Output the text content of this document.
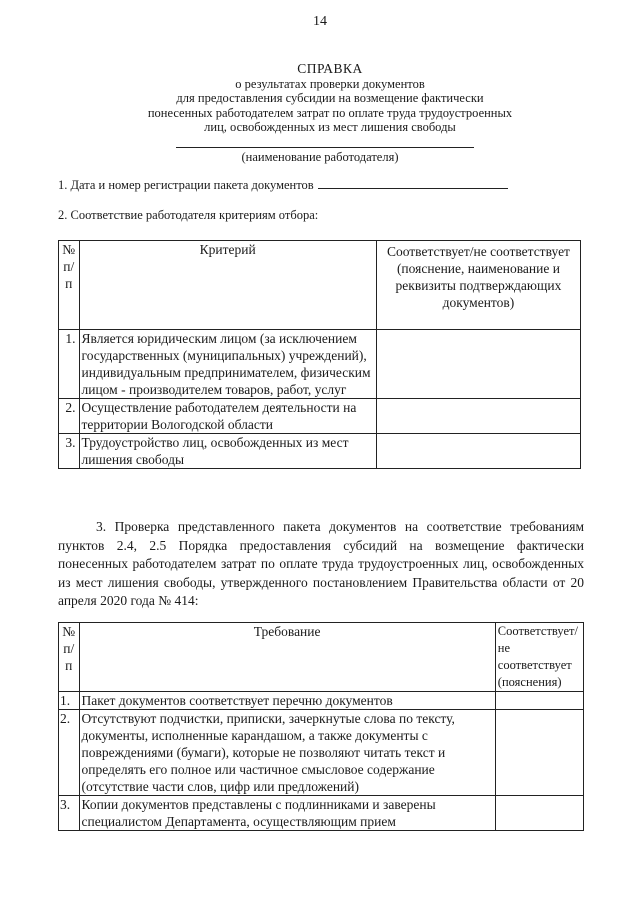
14
СПРАВКА
о результатах проверки документов
для предоставления субсидии на возмещение фактически
понесенных работодателем затрат по оплате труда трудоустроенных
лиц, освобожденных из мест лишения свободы
(наименование работодателя)
1. Дата и номер регистрации пакета документов
2. Соответствие работодателя критериям отбора:
№ п/п	Критерий	Соответствует/не соответствует (пояснение, наименование и реквизиты подтверждающих документов)
1.	Является юридическим лицом (за исключением государственных (муниципальных) учреждений), индивидуальным предпринимателем, физическим лицом - производителем товаров, работ, услуг	
2.	Осуществление работодателем деятельности на территории Вологодской области	
3.	Трудоустройство лиц, освобожденных из мест лишения свободы	
3. Проверка представленного пакета документов на соответствие требованиям пунктов 2.4, 2.5 Порядка предоставления субсидий на возмещение фактически понесенных работодателем затрат по оплате труда трудоустроенных лиц, освобожденных из мест лишения свободы, утвержденного постановлением Правительства области от 20 апреля 2020 года № 414:
№ п/п	Требование	Соответствует/ не соответствует (пояснения)
1.	Пакет документов соответствует перечню документов	
2.	Отсутствуют подчистки, приписки, зачеркнутые слова по тексту, документы, исполненные карандашом, а также документы с повреждениями (бумаги), которые не позволяют читать текст и определять его полное или частичное смысловое содержание (отсутствие части слов, цифр или предложений)	
3.	Копии документов представлены с подлинниками и заверены специалистом Департамента, осуществляющим прием	
